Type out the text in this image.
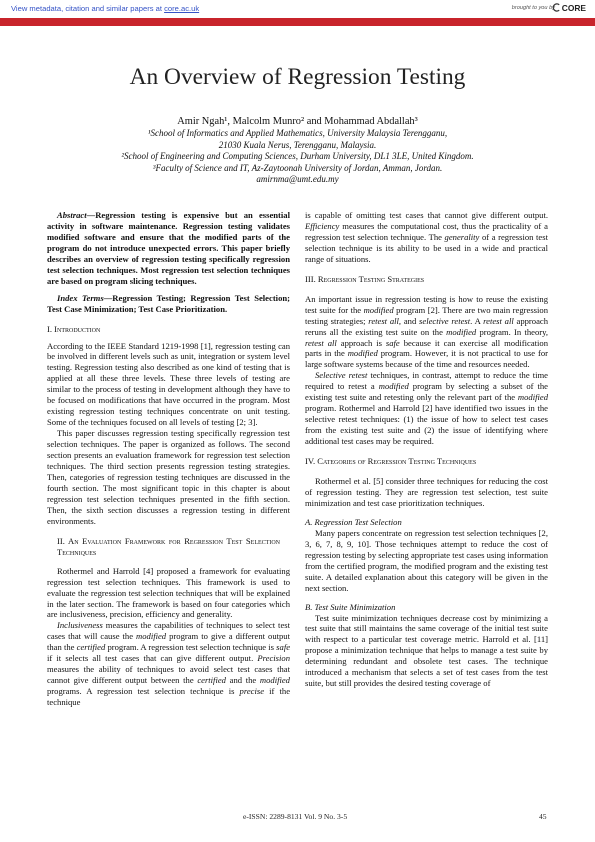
View metadata, citation and similar papers at core.ac.uk	brought to you by CORE
provided by Universiti Teknikal Malaysia Melaka: UTeM Open Journal System
An Overview of Regression Testing
Amir Ngah¹, Malcolm Munro² and Mohammad Abdallah³
¹School of Informatics and Applied Mathematics, University Malaysia Terengganu,
21030 Kuala Nerus, Terengganu, Malaysia.
²School of Engineering and Computing Sciences, Durham University, DL1 3LE, United Kingdom.
³Faculty of Science and IT, Az-Zaytoonah University of Jordan, Amman, Jordan.
amirnma@umt.edu.my

Abstract—Regression testing is expensive but an essential activity in software maintenance. Regression testing validates modified software and ensure that the modified parts of the program do not introduce unexpected errors. This paper briefly describes an overview of regression testing specifically regression test selection techniques. Most regression test selection techniques are based on program slicing techniques.

Index Terms—Regression Testing; Regression Test Selection; Test Case Minimization; Test Case Prioritization.

I. Introduction

According to the IEEE Standard 1219-1998 [1], regression testing can be involved in different levels such as unit, integration or system level testing. Regression testing also described as one kind of testing that is applied at all these three levels. These three levels of testing are similar to the process of testing in development although they have to be focused on modifications that have occurred in the program. Most existing regression testing techniques concentrate on unit testing. Some of the techniques focused on all levels of testing [2; 3].

This paper discusses regression testing specifically regression test selection techniques. The paper is organized as follows. The second section presents an evaluation framework for regression test selection techniques. The third section presents regression testing strategies. Then, categories of regression testing techniques are discussed in the fourth section. The most significant topic in this chapter is about regression test selection techniques presented in the fifth section. Then, the sixth section discusses a regression testing in different environments.

II. An Evaluation Framework for Regression Test Selection Techniques

Rothermel and Harrold [4] proposed a framework for evaluating regression test selection techniques. This framework is used to evaluate the regression test selection techniques that will be explained in the later section. The framework is based on four categories which are inclusiveness, precision, efficiency and generality.

Inclusiveness measures the capabilities of techniques to select test cases that will cause the modified program to give a different output than the certified program. A regression test selection technique is safe if it selects all test cases that can give different output. Precision measures the ability of techniques to avoid select test cases that cannot give different output between the certified and the modified programs. A regression test selection technique is precise if the technique

is capable of omitting test cases that cannot give different output. Efficiency measures the computational cost, thus the practicality of a regression test selection technique. The generality of a regression test selection technique is its ability to be used in a wide and practical range of situations.

III. Regression Testing Strategies

An important issue in regression testing is how to reuse the existing test suite for the modified program [2]. There are two main regression testing strategies; retest all, and selective retest. A retest all approach reruns all the existing test suite on the modified program. In theory, retest all approach is safe because it can exercise all modification parts in the modified program. However, it is not practical to use for large software systems because of the time and resources needed.

Selective retest techniques, in contrast, attempt to reduce the time required to retest a modified program by selecting a subset of the existing test suite and retesting only the relevant part of the modified program. Rothermel and Harrold [2] have identified two issues in the selective retest techniques: (1) the issue of how to select test cases from the existing test suite and (2) the issue of identifying where additional test cases may be required.

IV. Categories of Regression Testing Techniques

Rothermel et al. [5] consider three techniques for reducing the cost of regression testing. They are regression test selection, test suite minimization and test case prioritization techniques.

A. Regression Test Selection

Many papers concentrate on regression test selection techniques [2, 3, 6, 7, 8, 9, 10]. Those techniques attempt to reduce the cost of regression testing by selecting appropriate test cases using information from the certified program, the modified program and the existing test suite. A detailed explanation about this category will be given in the next section.

B. Test Suite Minimization

Test suite minimization techniques decrease cost by minimizing a test suite that still maintains the same coverage of the initial test suite with respect to a particular test coverage metric. Harrold et al. [11] propose a minimization technique that helps to manage a test suite by determining redundant and obsolete test cases. The technique introduced a mechanism that selects a set of test cases from the test suite, but still provides the desired testing coverage of

e-ISSN: 2289-8131 Vol. 9 No. 3-5	45
